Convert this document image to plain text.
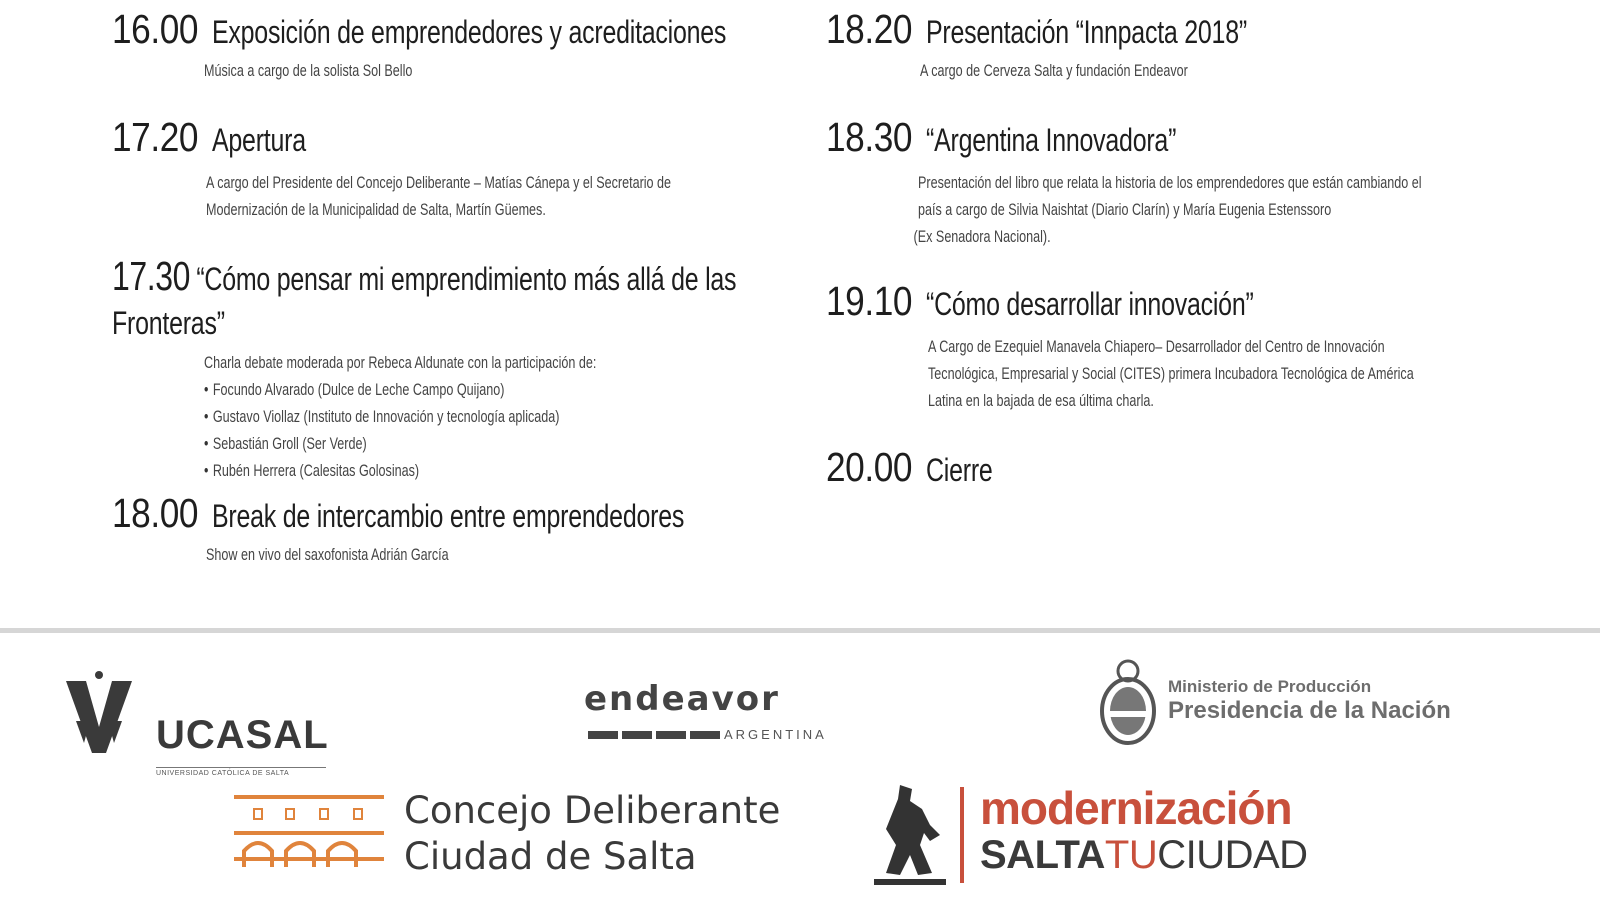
16.00 Exposición de emprendedores y acreditaciones
Música a cargo de la solista Sol Bello
17.20 Apertura
A cargo del Presidente del Concejo Deliberante – Matías Cánepa y el Secretario de
Modernización de la Municipalidad de Salta, Martín Güemes.
17.30 “Cómo pensar mi emprendimiento más allá de las
Fronteras”
Charla debate moderada por Rebeca Aldunate con la participación de:
• Focundo Alvarado (Dulce de Leche Campo Quijano)
• Gustavo Viollaz (Instituto de Innovación y tecnología aplicada)
• Sebastián Groll (Ser Verde)
• Rubén Herrera (Calesitas Golosinas)
18.00 Break de intercambio entre emprendedores
Show en vivo del saxofonista Adrián García
18.20 Presentación “Innpacta 2018”
A cargo de Cerveza Salta y fundación Endeavor
18.30 “Argentina Innovadora”
Presentación del libro que relata la historia de los emprendedores que están cambiando el
país a cargo de Silvia Naishtat (Diario Clarín) y María Eugenia Estenssoro
(Ex Senadora Nacional).
19.10 “Cómo desarrollar innovación”
A Cargo de Ezequiel Manavela Chiapero– Desarrollador del Centro de Innovación
Tecnológica, Empresarial y Social (CITES) primera Incubadora Tecnológica de América
Latina en la bajada de esa última charla.
20.00 Cierre
UCASAL
UNIVERSIDAD CATÓLICA DE SALTA
endeavor
ARGENTINA
Ministerio de Producción
Presidencia de la Nación
Concejo Deliberante
Ciudad de Salta
modernización
SALTATUCIUDAD
